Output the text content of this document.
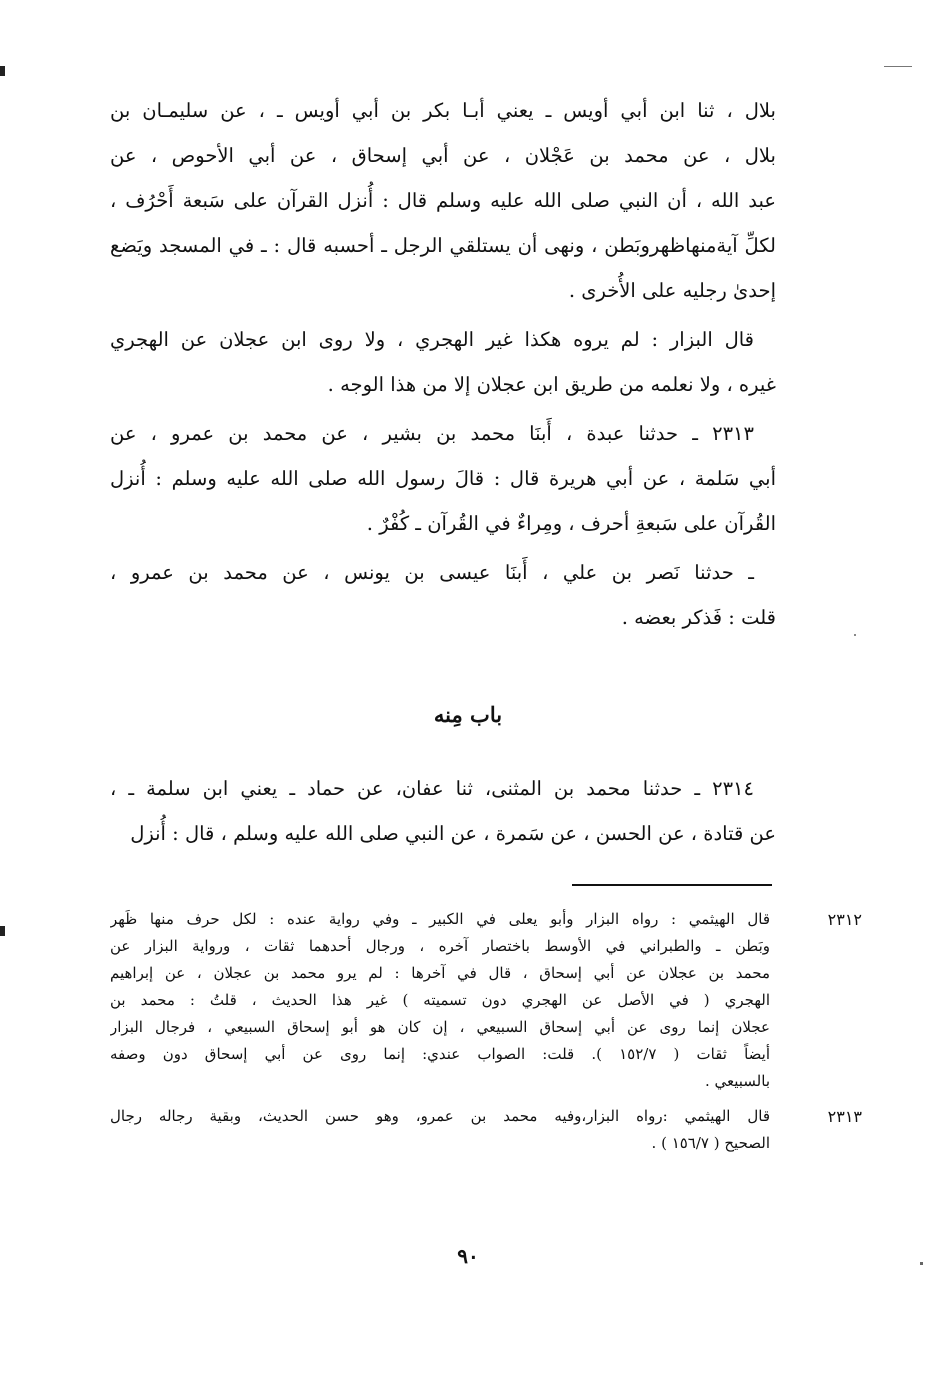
بلال ، ثنا ابن أبي أويس ـ يعني أبـا بكر بن أبي أويس ـ ، عن سليمـان بن
بلال ، عن محمد بن عَجْلان ، عن أبي إسحاق ، عن أبي الأحوص ، عن
عبد الله ، أن النبي صلى الله عليه وسلم قال : أُنزل القرآن على سَبعة أَحْرُف ،
لكلِّ آيةمنهاظهروبَطن ، ونهى أن يستلقي الرجل ـ أحسبه قال : ـ في المسجد ويَضع
إحدىٰ رجليه على الأُخرى .
قال البزار : لم يروه هكذا غير الهجري ، ولا روى ابن عجلان عن الهجري
غيره ، ولا نعلمه من طريق ابن عجلان إلا من هذا الوجه .
٢٣١٣ ـ حدثنا عبدة ، أَبنَا محمد بن بشير ، عن محمد بن عمرو ، عن
أبي سَلمة ، عن أبي هريرة قال : قالَ رسول الله صلى الله عليه وسلم : أُنزل
القُرآن على سَبعةِ أحرف ، ومِراءٌ في القُرآن ـ كُفْرٌ .
ـ حدثنا نَصر بن علي ، أَبنَا عيسى بن يونس ، عن محمد بن عمرو ،
قلت : فَذكر بعضه .
باب مِنه
٢٣١٤ ـ حدثنا محمد بن المثنى، ثنا عفان، عن حماد ـ يعني ابن سلمة ـ ،
عن قتادة ، عن الحسن ، عن سَمرة ، عن النبي صلى الله عليه وسلم ، قال : أُنزل
٢٣١٢
قال الهيثمي : رواه البزار وأبو يعلى في الكبير ـ وفي رواية عنده : لكل حرف منها ظَهر
وبَطن ـ والطبراني في الأوسط باختصار آخره ، ورجال أحدهما ثقات ، ورواية البزار عن
محمد بن عجلان عن أبي إسحاق ، قال في آخرها : لم يرو محمد بن عجلان ، عن إبراهيم
الهجري ( في الأصل عن الهجري دون تسميته ) غير هذا الحديث ، قلتُ : محمد بن
عجلان إنما روى عن أبي إسحاق السبيعي ، إن كان هو أبو إسحاق السبيعي ، فرجال البزار
أيضاً ثقات ( ١٥٢/٧ ). قلت: الصواب عندي: إنما روى عن أبي إسحاق دون وصفه
بالسبيعي .
٢٣١٣
قال الهيثمي :رواه البزار،وفيه محمد بن عمرو، وهو حسن الحديث، وبقية رجاله رجال
الصحيح ( ١٥٦/٧ ) .
٩٠
